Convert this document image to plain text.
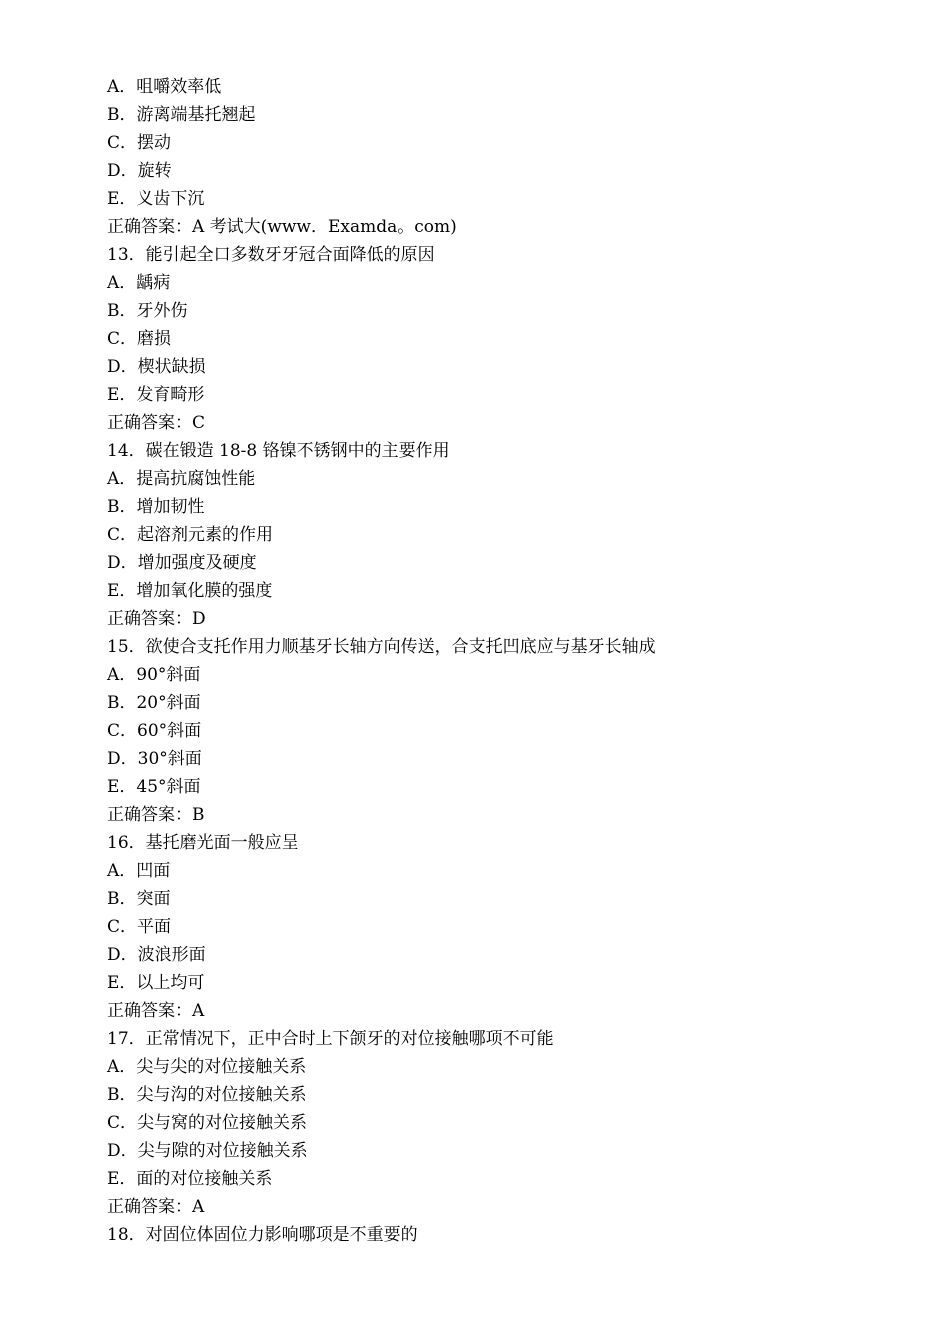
A．咀嚼效率低
B．游离端基托翘起
C．摆动
D．旋转
E．义齿下沉
正确答案：A 考试大(www．Examda。com)
13．能引起全口多数牙牙冠合面降低的原因
A．龋病
B．牙外伤
C．磨损
D．楔状缺损
E．发育畸形
正确答案：C
14．碳在锻造 18-8 铬镍不锈钢中的主要作用
A．提高抗腐蚀性能
B．增加韧性
C．起溶剂元素的作用
D．增加强度及硬度
E．增加氧化膜的强度
正确答案：D
15．欲使合支托作用力顺基牙长轴方向传送，合支托凹底应与基牙长轴成
A．90°斜面
B．20°斜面
C．60°斜面
D．30°斜面
E．45°斜面
正确答案：B
16．基托磨光面一般应呈
A．凹面
B．突面
C．平面
D．波浪形面
E．以上均可
正确答案：A
17．正常情况下，正中合时上下颌牙的对位接触哪项不可能
A．尖与尖的对位接触关系
B．尖与沟的对位接触关系
C．尖与窝的对位接触关系
D．尖与隙的对位接触关系
E．面的对位接触关系
正确答案：A
18．对固位体固位力影响哪项是不重要的
